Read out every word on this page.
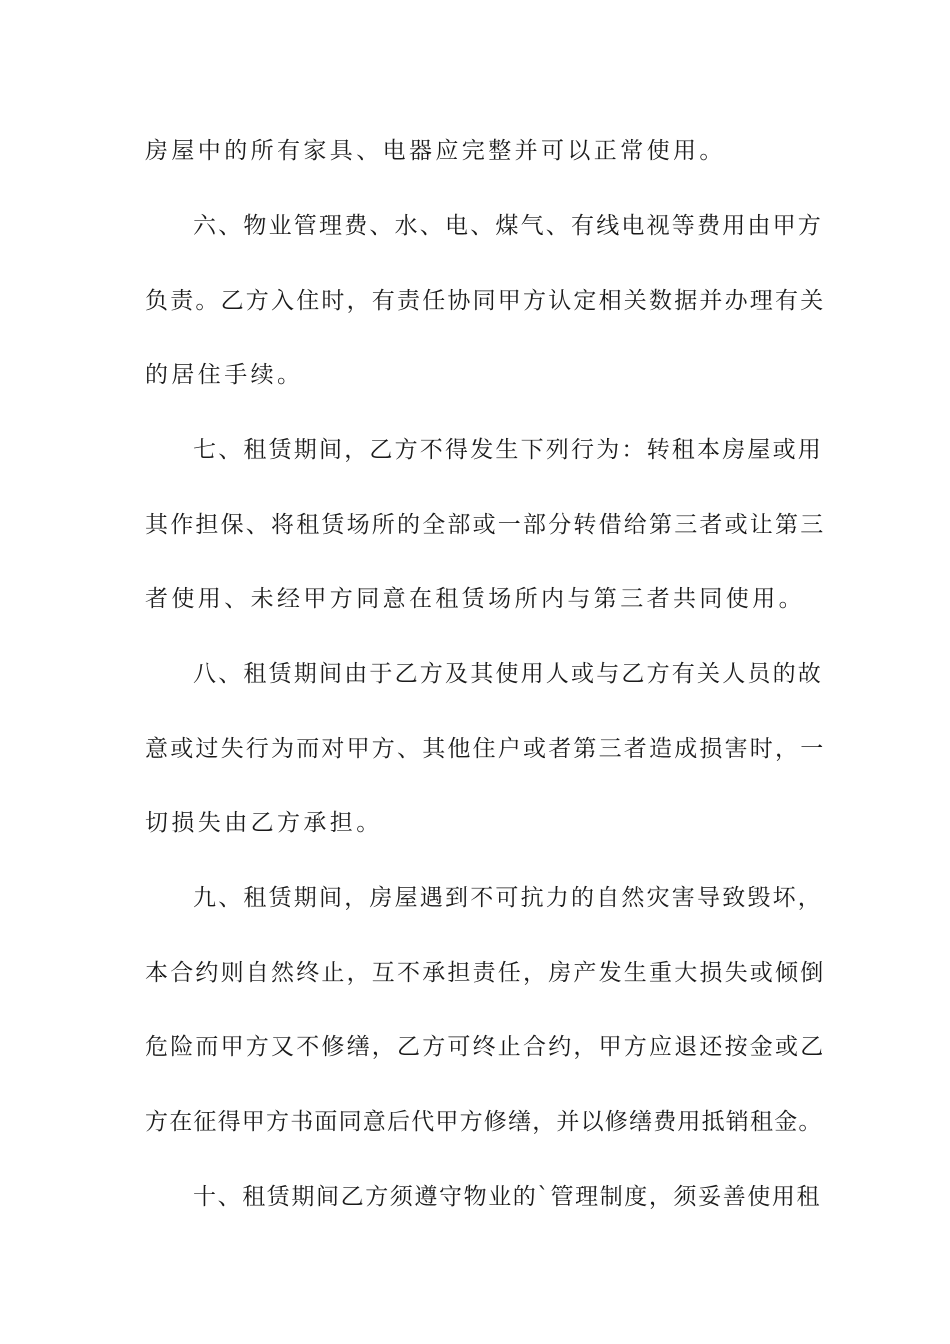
房屋中的所有家具、电器应完整并可以正常使用。
六、物业管理费、水、电、煤气、有线电视等费用由甲方
负责。乙方入住时，有责任协同甲方认定相关数据并办理有关
的居住手续。
七、租赁期间，乙方不得发生下列行为：转租本房屋或用
其作担保、将租赁场所的全部或一部分转借给第三者或让第三
者使用、未经甲方同意在租赁场所内与第三者共同使用。
八、租赁期间由于乙方及其使用人或与乙方有关人员的故
意或过失行为而对甲方、其他住户或者第三者造成损害时，一
切损失由乙方承担。
九、租赁期间，房屋遇到不可抗力的自然灾害导致毁坏，
本合约则自然终止，互不承担责任，房产发生重大损失或倾倒
危险而甲方又不修缮，乙方可终止合约，甲方应退还按金或乙
方在征得甲方书面同意后代甲方修缮，并以修缮费用抵销租金。
十、租赁期间乙方须遵守物业的`管理制度，须妥善使用租
